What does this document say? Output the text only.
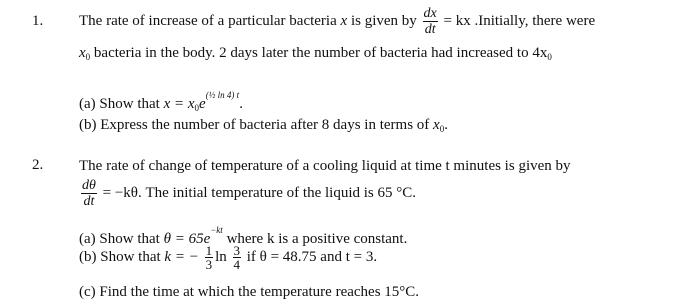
1. The rate of increase of a particular bacteria x is given by $\frac{dx}{dt}$ = kx .Initially, there were
$x_0$ bacteria in the body. 2 days later the number of bacteria had increased to $4x_0$
(a) Show that $x = x_0e(\frac{1}{2}$ ln 4) t.
(b) Express the number of bacteria after 8 days in terms of $x_0$.
2. The rate of change of temperature of a cooling liquid at time t minutes is given by
$\frac{d\theta}{dt} = -k\theta$. The initial temperature of the liquid is 65 °C.
(a) Show that θ = 65e−kt where k is a positive constant.
(b) Show that k = − $\frac{1}{3}$ $\ln \frac{3}{4}$ if θ = 48.75 and t = 3.
(c) Find the time at which the temperature reaches 15°C.
